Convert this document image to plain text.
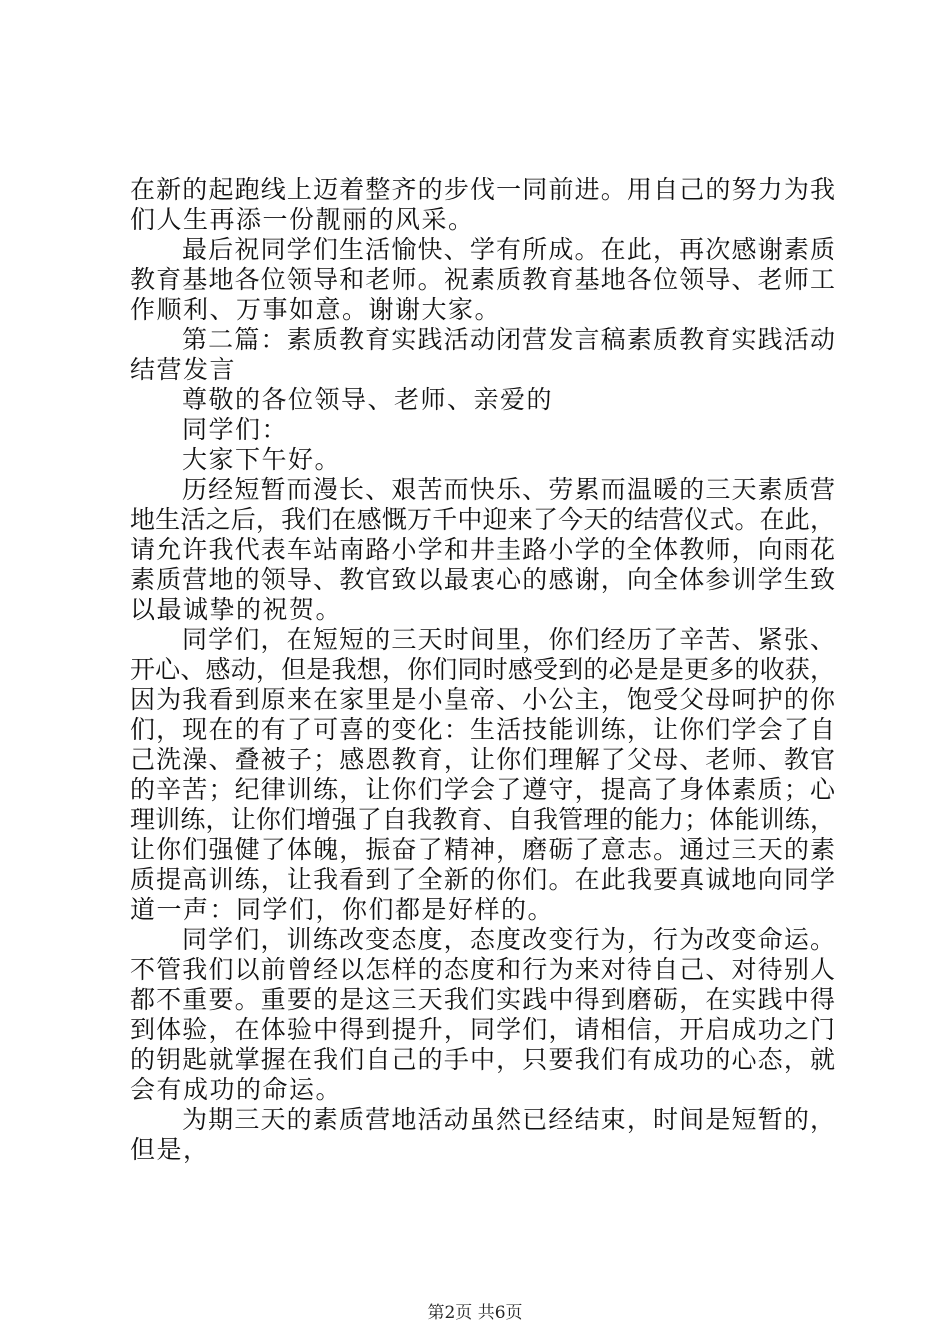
在新的起跑线上迈着整齐的步伐一同前进。用自己的努力为我
们人生再添一份靓丽的风采。
最后祝同学们生活愉快、学有所成。在此，再次感谢素质
教育基地各位领导和老师。祝素质教育基地各位领导、老师工
作顺利、万事如意。谢谢大家。
第二篇：素质教育实践活动闭营发言稿素质教育实践活动
结营发言
尊敬的各位领导、老师、亲爱的
同学们：
大家下午好。
历经短暂而漫长、艰苦而快乐、劳累而温暖的三天素质营
地生活之后，我们在感慨万千中迎来了今天的结营仪式。在此，
请允许我代表车站南路小学和井圭路小学的全体教师，向雨花
素质营地的领导、教官致以最衷心的感谢，向全体参训学生致
以最诚挚的祝贺。
同学们，在短短的三天时间里，你们经历了辛苦、紧张、
开心、感动，但是我想，你们同时感受到的必是是更多的收获，
因为我看到原来在家里是小皇帝、小公主，饱受父母呵护的你
们，现在的有了可喜的变化：生活技能训练，让你们学会了自
己洗澡、叠被子；感恩教育，让你们理解了父母、老师、教官
的辛苦；纪律训练，让你们学会了遵守，提高了身体素质；心
理训练，让你们增强了自我教育、自我管理的能力；体能训练，
让你们强健了体魄，振奋了精神，磨砺了意志。通过三天的素
质提高训练，让我看到了全新的你们。在此我要真诚地向同学
道一声：同学们，你们都是好样的。
同学们，训练改变态度，态度改变行为，行为改变命运。
不管我们以前曾经以怎样的态度和行为来对待自己、对待别人
都不重要。重要的是这三天我们实践中得到磨砺，在实践中得
到体验，在体验中得到提升，同学们，请相信，开启成功之门
的钥匙就掌握在我们自己的手中，只要我们有成功的心态，就
会有成功的命运。
为期三天的素质营地活动虽然已经结束，时间是短暂的，
但是，
第2页 共6页
